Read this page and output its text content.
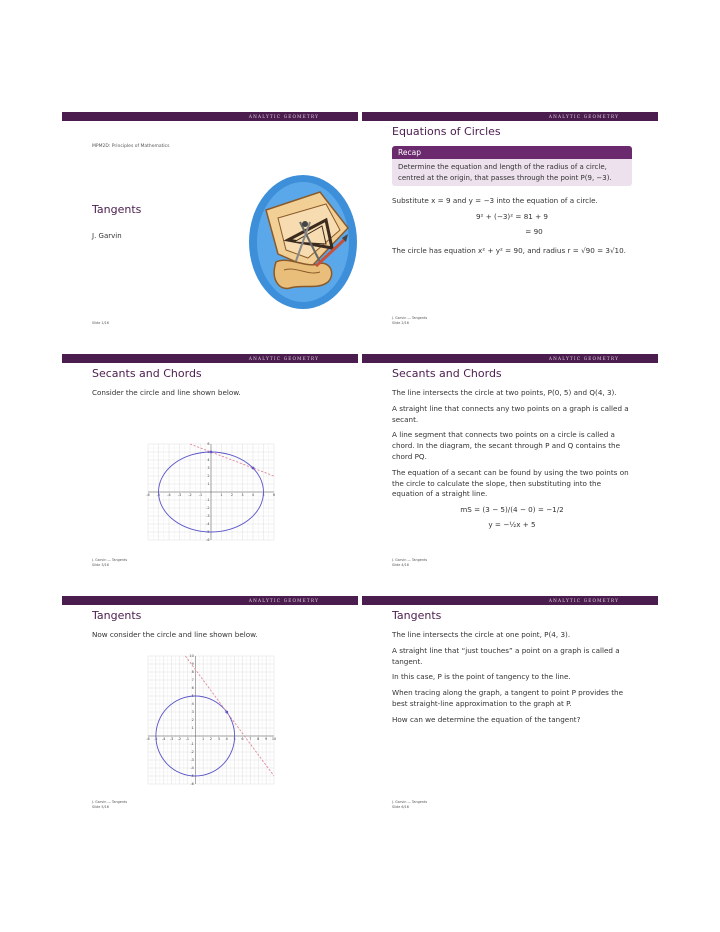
ANALYTIC GEOMETRY
MPM2D: Principles of Mathematics
Tangents
J. Garvin
Slide 1/16
ANALYTIC GEOMETRY
Equations of Circles
Recap
Determine the equation and length of the radius of a circle, centred at the origin, that passes through the point P(9, −3).

Substitute x = 9 and y = −3 into the equation of a circle.

9² + (−3)² = 81 + 9
= 90

The circle has equation x² + y² = 90, and radius r = √90 = 3√10.

J. Garvin — Tangents
Slide 2/16
ANALYTIC GEOMETRY
Secants and Chords
Consider the circle and line shown below.
-6 -5 -4 -3 -2 -1	1 2 3 4 5 6
-6
-5
-4
-3
-2
-1
1
2
3
4
5
6
J. Garvin — Tangents
Slide 3/16
ANALYTIC GEOMETRY
Secants and Chords

The line intersects the circle at two points, P(0, 5) and Q(4, 3).

A straight line that connects any two points on a graph is called a secant.

A line segment that connects two points on a circle is called a chord. In the diagram, the secant through P and Q contains the chord PQ.

The equation of a secant can be found by using the two points on the circle to calculate the slope, then substituting into the equation of a straight line.

mS = (3 − 5)/(4 − 0) = −1/2
y = −½x + 5
J. Garvin — Tangents
Slide 4/16
ANALYTIC GEOMETRY
Tangents
Now consider the circle and line shown below.
-6 -5 -4 -3 -2 -1	1 2 3 4 5 6 7 8 9 10
-6
-5
-4
-3
-2
-1
1
2
3
4
5
6
7
8
9
10
J. Garvin — Tangents
Slide 5/16
ANALYTIC GEOMETRY
Tangents

The line intersects the circle at one point, P(4, 3).

A straight line that “just touches” a point on a graph is called a tangent.

In this case, P is the point of tangency to the line.

When tracing along the graph, a tangent to point P provides the best straight-line approximation to the graph at P.

How can we determine the equation of the tangent?

J. Garvin — Tangents
Slide 6/16
